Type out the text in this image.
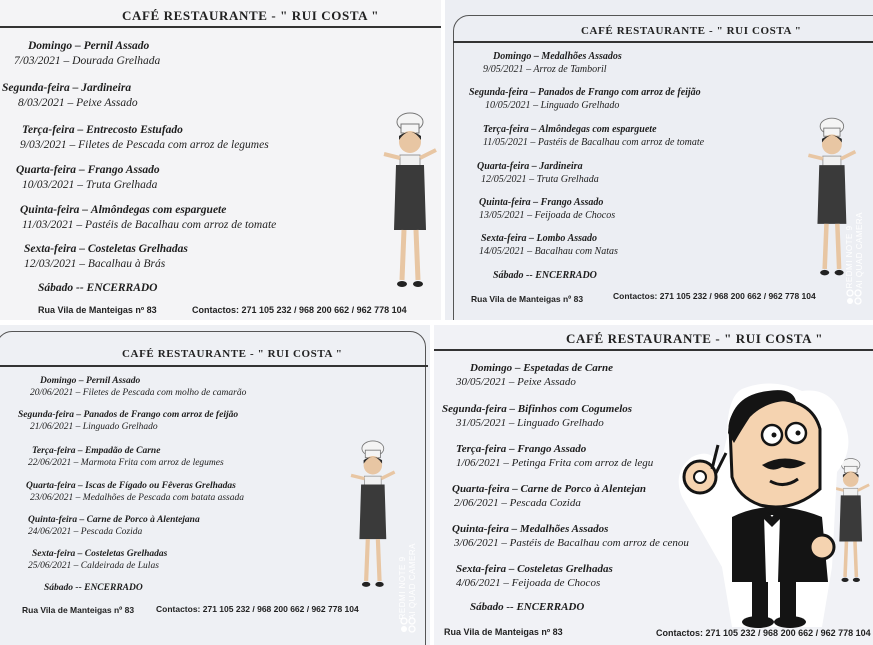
CAFÉ RESTAURANTE - " RUI COSTA "
Domingo – Pernil Assado
7/03/2021 – Dourada Grelhada
Segunda-feira – Jardineira
8/03/2021 – Peixe Assado
Terça-feira – Entrecosto Estufado
9/03/2021 – Filetes de Pescada com arroz de legumes
Quarta-feira – Frango Assado
10/03/2021 – Truta Grelhada
Quinta-feira – Almôndegas com esparguete
11/03/2021 – Pastéis de Bacalhau com arroz de tomate
Sexta-feira – Costeletas Grelhadas
12/03/2021 – Bacalhau à Brás
Sábado -- ENCERRADO
Rua Vila de Manteigas nº 83	Contactos: 271 105 232 / 968 200 662 / 962 778 104
CAFÉ RESTAURANTE - " RUI COSTA "
Domingo – Medalhões Assados
9/05/2021 – Arroz de Tamboril
Segunda-feira – Panados de Frango com arroz de feijão
10/05/2021 – Linguado Grelhado
Terça-feira – Almôndegas com esparguete
11/05/2021 – Pastéis de Bacalhau com arroz de tomate
Quarta-feira – Jardineira
12/05/2021 – Truta Grelhada
Quinta-feira – Frango Assado
13/05/2021 – Feijoada de Chocos
Sexta-feira – Lombo Assado
14/05/2021 – Bacalhau com Natas
Sábado -- ENCERRADO
Rua Vila de Manteigas nº 83	Contactos: 271 105 232 / 968 200 662 / 962 778 104
REDMI NOTE 9
AI QUAD CAMERA
CAFÉ RESTAURANTE - " RUI COSTA "
Domingo – Pernil Assado
20/06/2021 – Filetes de Pescada com molho de camarão
Segunda-feira – Panados de Frango com arroz de feijão
21/06/2021 – Linguado Grelhado
Terça-feira – Empadão de Carne
22/06/2021 – Marmota Frita com arroz de legumes
Quarta-feira – Iscas de Fígado ou Fêveras Grelhadas
23/06/2021 – Medalhões de Pescada com batata assada
Quinta-feira – Carne de Porco à Alentejana
24/06/2021 – Pescada Cozida
Sexta-feira – Costeletas Grelhadas
25/06/2021 – Caldeirada de Lulas
Sábado -- ENCERRADO
Rua Vila de Manteigas nº 83	Contactos: 271 105 232 / 968 200 662 / 962 778 104	REDMI NOTE 9
AI QUAD CAMERA
CAFÉ RESTAURANTE - " RUI COSTA "
Domingo – Espetadas de Carne
30/05/2021 – Peixe Assado
Segunda-feira – Bifinhos com Cogumelos
31/05/2021 – Linguado Grelhado
Terça-feira – Frango Assado
1/06/2021 – Petinga Frita com arroz de legu
Quarta-feira – Carne de Porco à Alentejan
2/06/2021 – Pescada Cozida
Quinta-feira – Medalhões Assados
3/06/2021 – Pastéis de Bacalhau com arroz de cenou
Sexta-feira – Costeletas Grelhadas
4/06/2021 – Feijoada de Chocos
Sábado -- ENCERRADO
Rua Vila de Manteigas nº 83	Contactos: 271 105 232 / 968 200 662 / 962 778 104
